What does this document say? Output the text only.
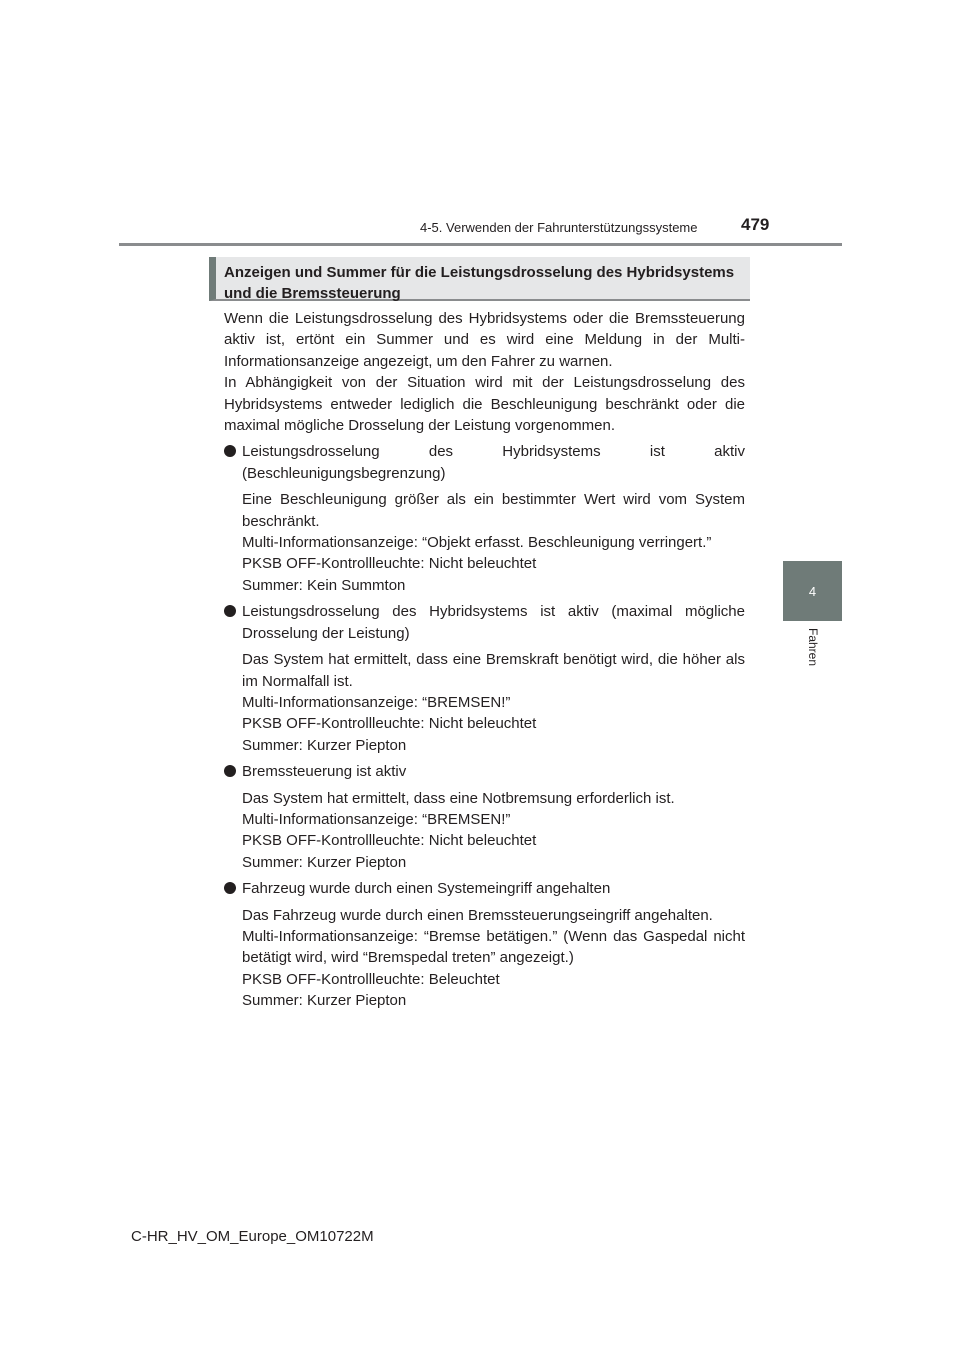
4-5. Verwenden der Fahrunterstützungssysteme	479
4
Fahren
Anzeigen und Summer für die Leistungsdrosselung des Hybridsystems und die Bremssteuerung

Wenn die Leistungsdrosselung des Hybridsystems oder die Bremssteuerung aktiv ist, ertönt ein Summer und es wird eine Meldung in der Multi-Informationsanzeige angezeigt, um den Fahrer zu warnen.

In Abhängigkeit von der Situation wird mit der Leistungsdrosselung des Hybridsystems entweder lediglich die Beschleunigung beschränkt oder die maximal mögliche Drosselung der Leistung vorgenommen.

Leistungsdrosselung des Hybridsystems ist aktiv (Beschleunigungsbegrenzung)
Eine Beschleunigung größer als ein bestimmter Wert wird vom System beschränkt.
Multi-Informationsanzeige: “Objekt erfasst. Beschleunigung verringert.”
PKSB OFF-Kontrollleuchte: Nicht beleuchtet
Summer: Kein Summton
Leistungsdrosselung des Hybridsystems ist aktiv (maximal mögliche Drosselung der Leistung)
Das System hat ermittelt, dass eine Bremskraft benötigt wird, die höher als im Normalfall ist.
Multi-Informationsanzeige: “BREMSEN!”
PKSB OFF-Kontrollleuchte: Nicht beleuchtet
Summer: Kurzer Piepton
Bremssteuerung ist aktiv
Das System hat ermittelt, dass eine Notbremsung erforderlich ist.
Multi-Informationsanzeige: “BREMSEN!”
PKSB OFF-Kontrollleuchte: Nicht beleuchtet
Summer: Kurzer Piepton
Fahrzeug wurde durch einen Systemeingriff angehalten
Das Fahrzeug wurde durch einen Bremssteuerungseingriff angehalten.
Multi-Informationsanzeige: “Bremse betätigen.” (Wenn das Gaspedal nicht betätigt wird, wird “Bremspedal treten” angezeigt.)
PKSB OFF-Kontrollleuchte: Beleuchtet
Summer: Kurzer Piepton
C-HR_HV_OM_Europe_OM10722M
